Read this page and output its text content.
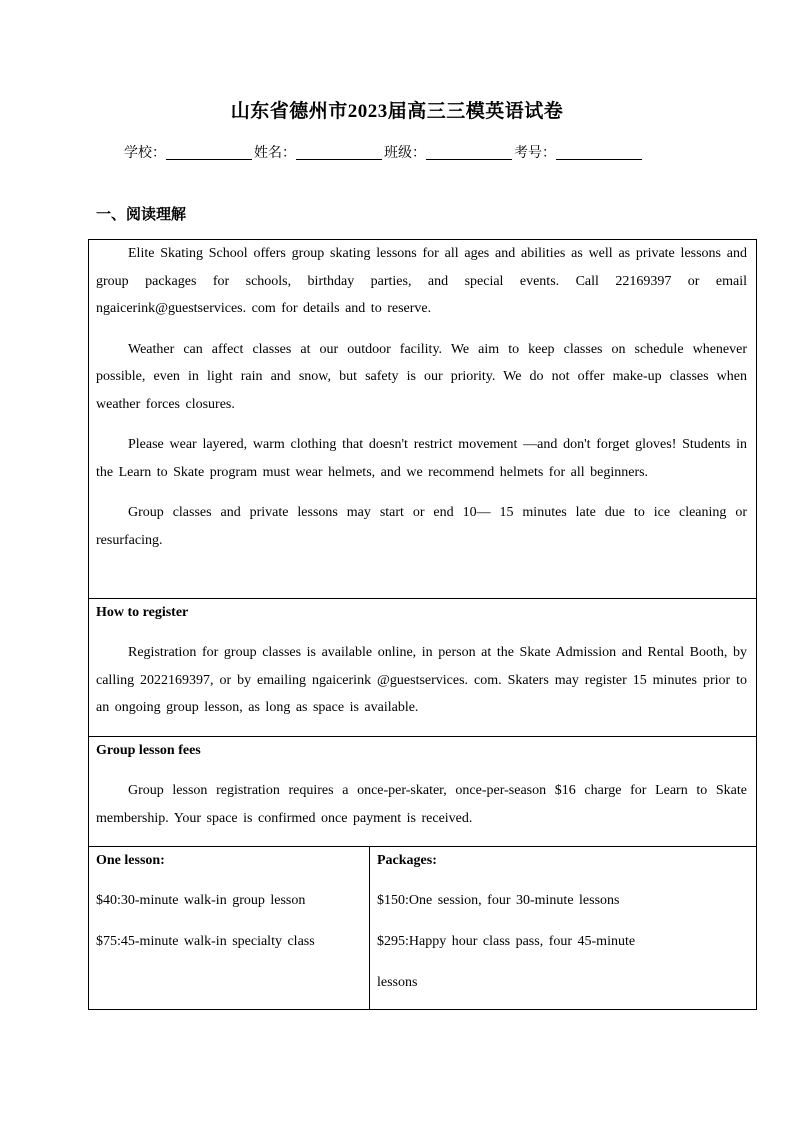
山东省德州市2023届高三三模英语试卷
学校：	姓名：	班级：	考号：
一、阅读理解

Elite Skating School offers group skating lessons for all ages and abilities as well as private lessons and group packages for schools, birthday parties, and special events. Call 22169397 or email ngaicerink@guestservices. com for details and to reserve.

Weather can affect classes at our outdoor facility. We aim to keep classes on schedule whenever possible, even in light rain and snow, but safety is our priority. We do not offer make-up classes when weather forces closures.

Please wear layered, warm clothing that doesn't restrict movement —and don't forget gloves! Students in the Learn to Skate program must wear helmets, and we recommend helmets for all beginners.

Group classes and private lessons may start or end 10— 15 minutes late due to ice cleaning or resurfacing.

How to register

Registration for group classes is available online, in person at the Skate Admission and Rental Booth, by calling 2022169397, or by emailing ngaicerink @guestservices. com. Skaters may register 15 minutes prior to an ongoing group lesson, as long as space is available.

Group lesson fees

Group lesson registration requires a once-per-skater, once-per-season $16 charge for Learn to Skate membership. Your space is confirmed once payment is received.

One lesson:

$40:30-minute walk-in group lesson

$75:45-minute walk-in specialty class

Packages:

$150:One session, four 30-minute lessons

$295:Happy hour class pass, four 45-minute

lessons
